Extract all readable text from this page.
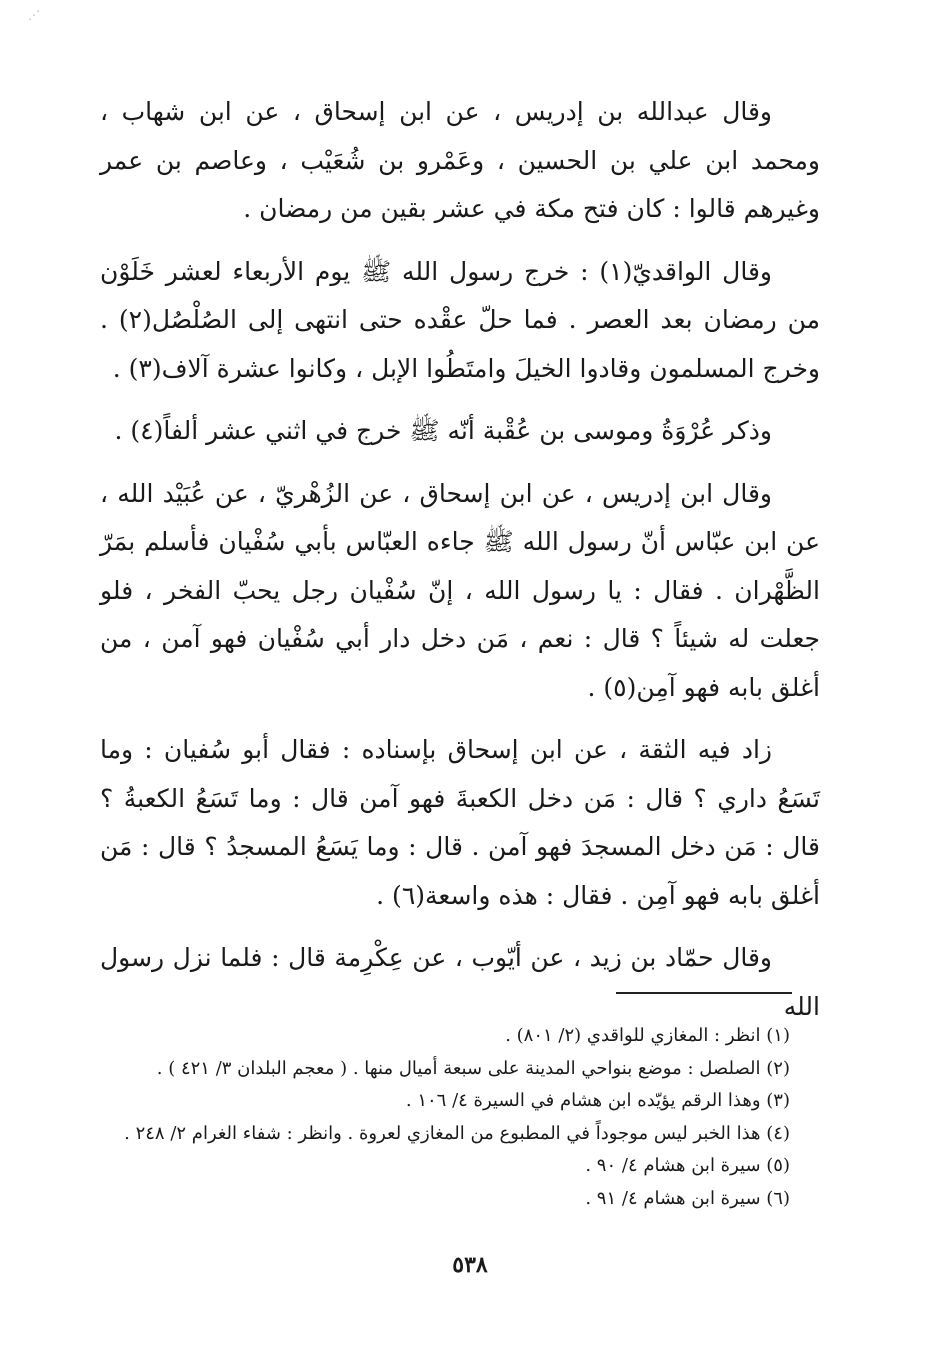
⋰

وقال عبدالله بن إدريس ، عن ابن إسحاق ، عن ابن شهاب ، ومحمد ابن علي بن الحسين ، وعَمْرو بن شُعَيْب ، وعاصم بن عمر وغيرهم قالوا : كان فتح مكة في عشر بقين من رمضان .

وقال الواقديّ(١) : خرج رسول الله ﷺ يوم الأربعاء لعشر خَلَوْن من رمضان بعد العصر . فما حلّ عقْده حتى انتهى إلى الصُلْصُل(٢) . وخرج المسلمون وقادوا الخيلَ وامتَطُوا الإبل ، وكانوا عشرة آلاف(٣) .

وذكر عُرْوَةُ وموسى بن عُقْبة أنّه ﷺ خرج في اثني عشر ألفاً(٤) .

وقال ابن إدريس ، عن ابن إسحاق ، عن الزُهْريّ ، عن عُبَيْد الله ، عن ابن عبّاس أنّ رسول الله ﷺ جاءه العبّاس بأبي سُفْيان فأسلم بمَرّ الظَّهْران . فقال : يا رسول الله ، إنّ سُفْيان رجل يحبّ الفخر ، فلو جعلت له شيئاً ؟ قال : نعم ، مَن دخل دار أبي سُفْيان فهو آمن ، من أغلق بابه فهو آمِن(٥) .

زاد فيه الثقة ، عن ابن إسحاق بإسناده : فقال أبو سُفيان : وما تَسَعُ داري ؟ قال : مَن دخل الكعبةَ فهو آمن قال : وما تَسَعُ الكعبةُ ؟ قال : مَن دخل المسجدَ فهو آمن . قال : وما يَسَعُ المسجدُ ؟ قال : مَن أغلق بابه فهو آمِن . فقال : هذه واسعة(٦) .

وقال حمّاد بن زيد ، عن أيّوب ، عن عِكْرِمة قال : فلما نزل رسول الله

(١) انظر : المغازي للواقدي (٢/ ٨٠١) .

(٢) الصلصل : موضع بنواحي المدينة على سبعة أميال منها . ( معجم البلدان ٣/ ٤٢١ ) .

(٣) وهذا الرقم يؤيّده ابن هشام في السيرة ٤/ ١٠٦ .

(٤) هذا الخبر ليس موجوداً في المطبوع من المغازي لعروة . وانظر : شفاء الغرام ٢/ ٢٤٨ .

(٥) سيرة ابن هشام ٤/ ٩٠ .

(٦) سيرة ابن هشام ٤/ ٩١ .

٥٣٨
